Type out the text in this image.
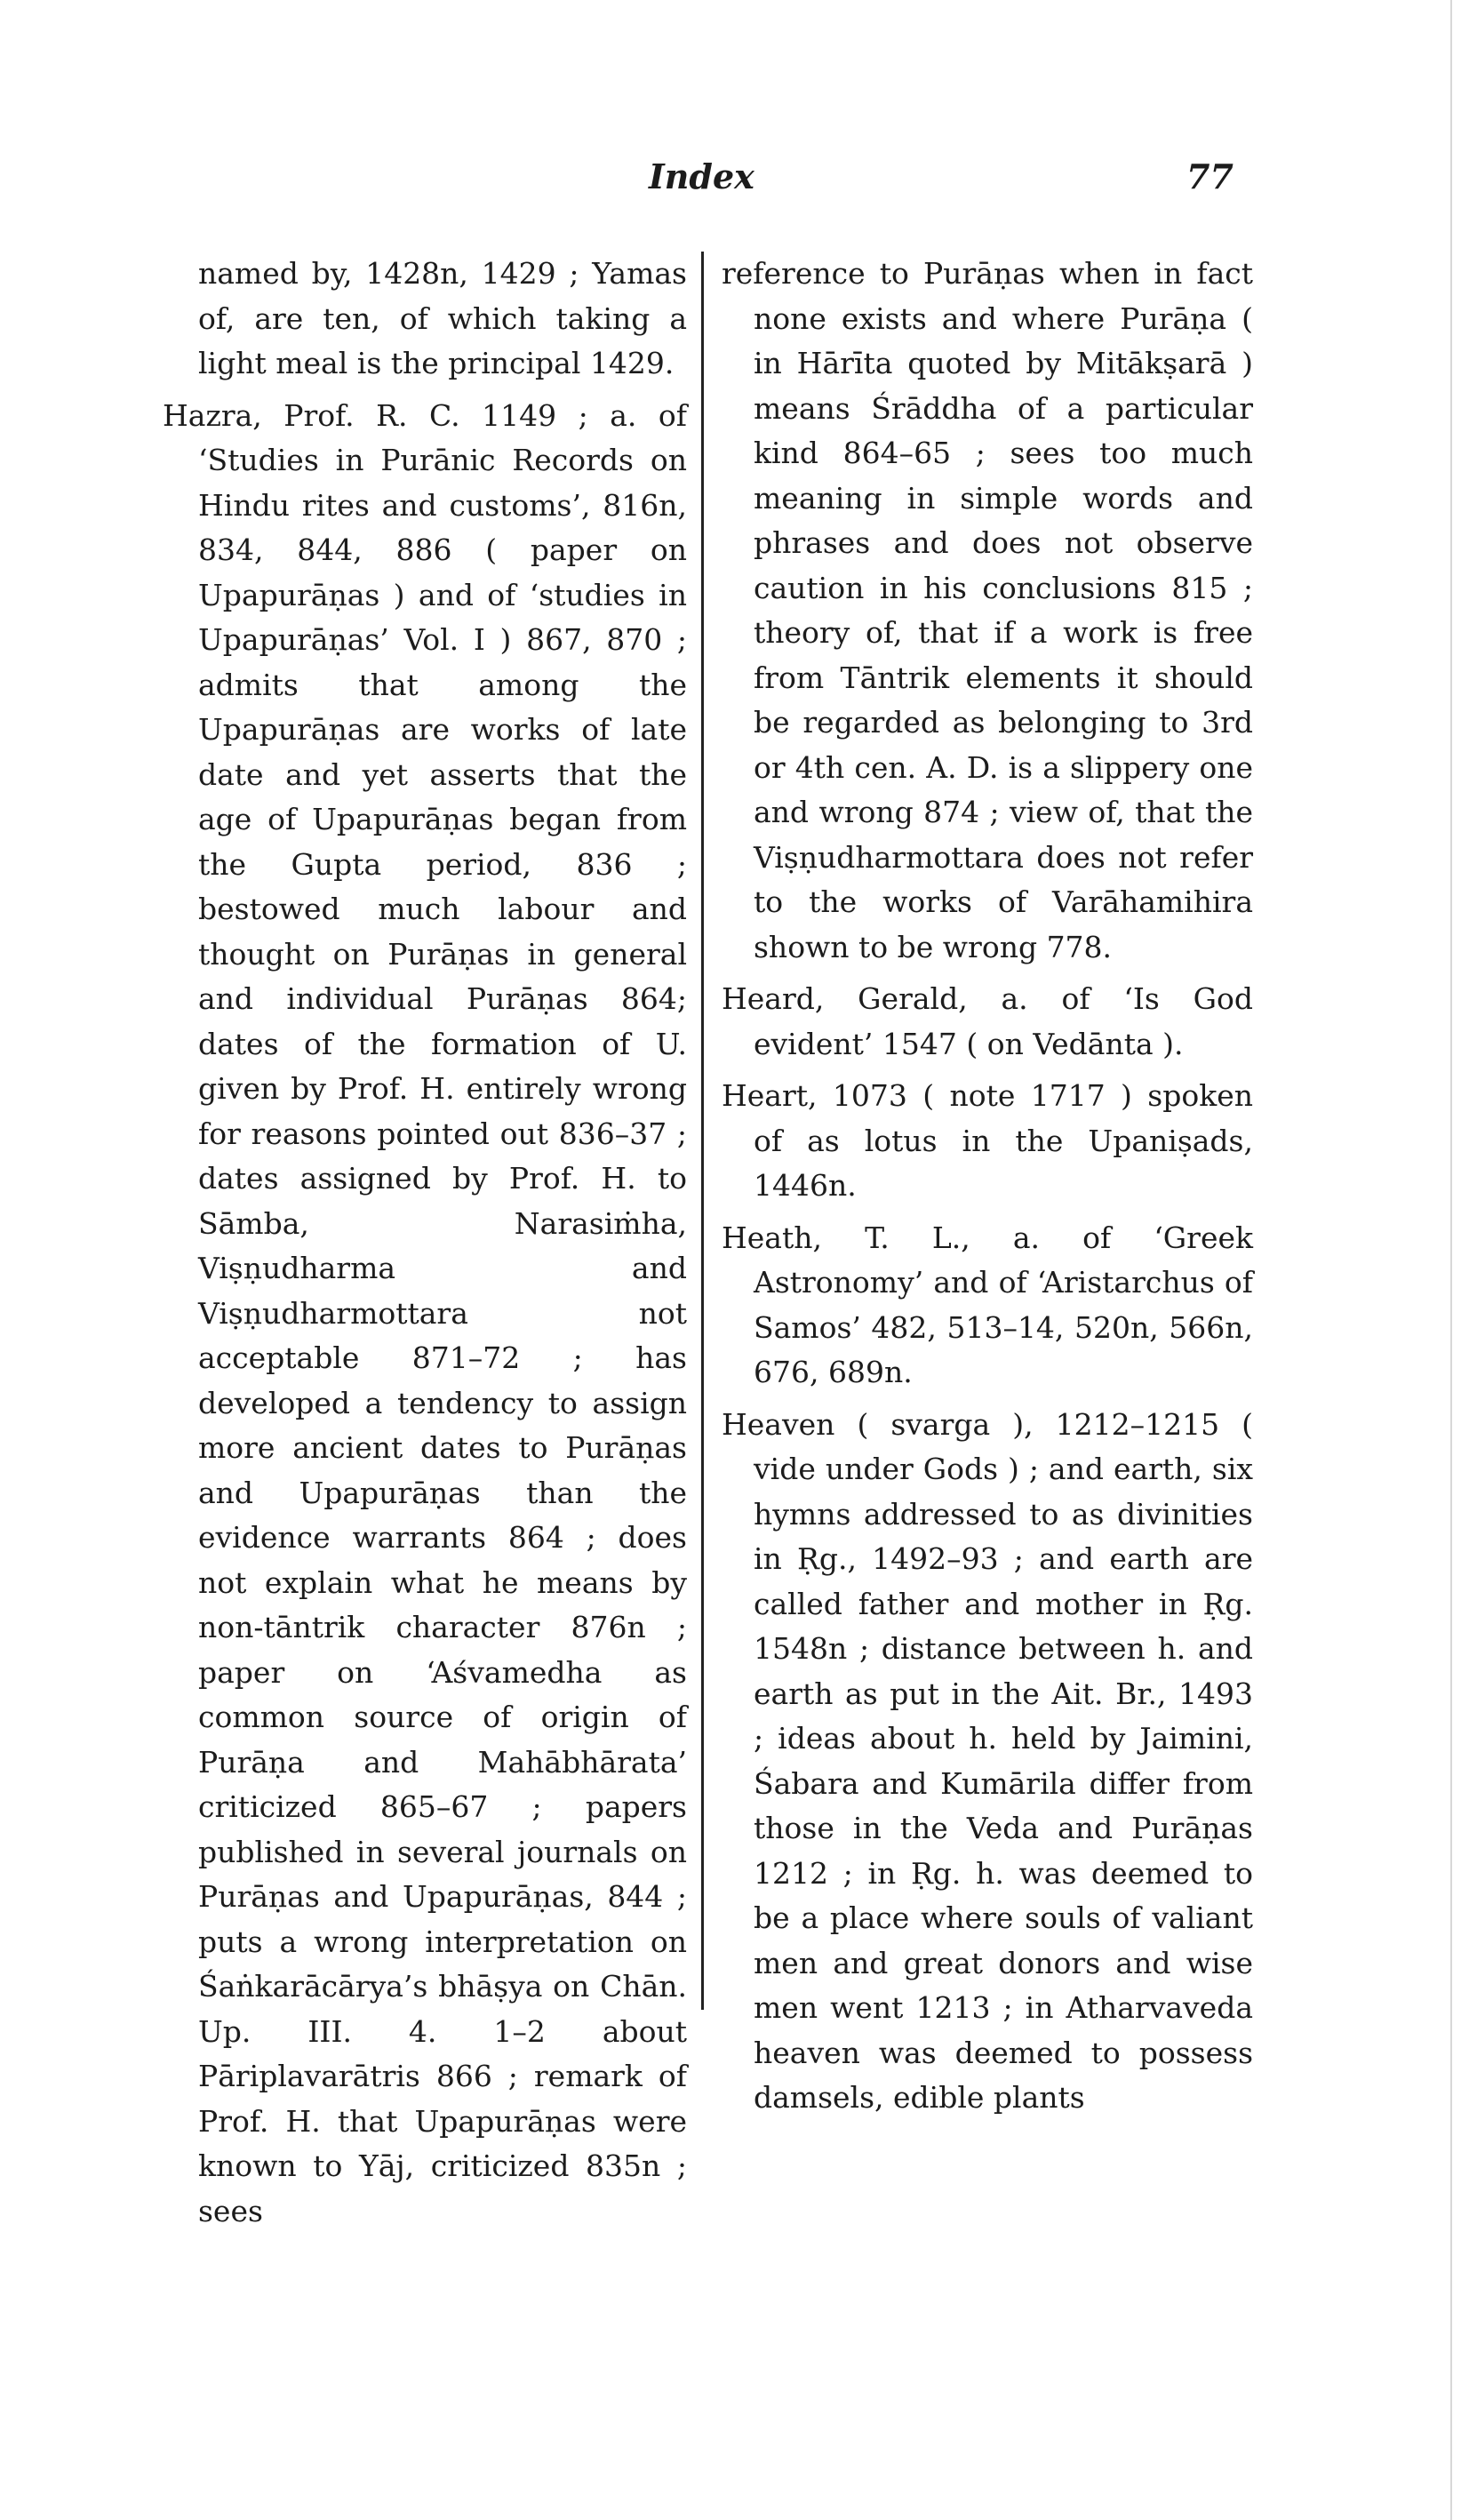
Index	77

named by, 1428n, 1429 ; Yamas of, are ten, of which taking a light meal is the principal 1429.

Hazra, Prof. R. C. 1149 ; a. of ‘Studies in Purānic Records on Hindu rites and customs’, 816n, 834, 844, 886 ( paper on Upapurāṇas ) and of ‘studies in Upapurāṇas’ Vol. I ) 867, 870 ; admits that among the Upapurāṇas are works of late date and yet asserts that the age of Upapurāṇas began from the Gupta period, 836 ; bestowed much labour and thought on Purāṇas in general and individual Purāṇas 864; dates of the formation of U. given by Prof. H. entirely wrong for reasons pointed out 836–37 ; dates assigned by Prof. H. to Sāmba, Narasiṁha, Viṣṇudharma and Viṣṇudharmottara not acceptable 871–72 ; has developed a tendency to assign more ancient dates to Purāṇas and Upapurāṇas than the evidence warrants 864 ; does not explain what he means by non-tāntrik character 876n ; paper on ‘Aśvamedha as common source of origin of Purāṇa and Mahābhārata’ criticized 865–67 ; papers published in several journals on Purāṇas and Upapurāṇas, 844 ; puts a wrong interpretation on Śaṅkarācārya’s bhāṣya on Chān. Up. III. 4. 1–2 about Pāriplavarātris 866 ; remark of Prof. H. that Upapurāṇas were known to Yāj, criticized 835n ; sees

reference to Purāṇas when in fact none exists and where Purāṇa ( in Hārīta quoted by Mitākṣarā ) means Śrāddha of a particular kind 864–65 ; sees too much meaning in simple words and phrases and does not observe caution in his conclusions 815 ; theory of, that if a work is free from Tāntrik elements it should be regarded as belonging to 3rd or 4th cen. A. D. is a slippery one and wrong 874 ; view of, that the Viṣṇudharmottara does not refer to the works of Varāhamihira shown to be wrong 778.

Heard, Gerald, a. of ‘Is God evident’ 1547 ( on Vedānta ).

Heart, 1073 ( note 1717 ) spoken of as lotus in the Upaniṣads, 1446n.

Heath, T. L., a. of ‘Greek Astronomy’ and of ‘Aristarchus of Samos’ 482, 513–14, 520n, 566n, 676, 689n.

Heaven ( svarga ), 1212–1215 ( vide under Gods ) ; and earth, six hymns addressed to as divinities in Ṛg., 1492–93 ; and earth are called father and mother in Ṛg. 1548n ; distance between h. and earth as put in the Ait. Br., 1493 ; ideas about h. held by Jaimini, Śabara and Kumārila differ from those in the Veda and Purāṇas 1212 ; in Ṛg. h. was deemed to be a place where souls of valiant men and great donors and wise men went 1213 ; in Atharvaveda heaven was deemed to possess damsels, edible plants
